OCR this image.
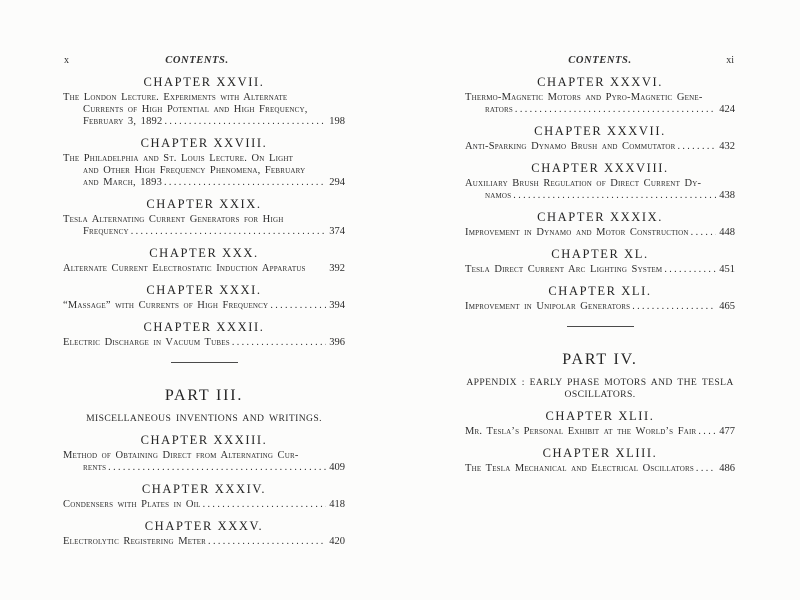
x	CONTENTS.
CHAPTER XXVII.
The London Lecture. Experiments with Alternate
Currents of High Potential and High Frequency,
February 3, 1892 .....	198
CHAPTER XXVIII.
The Philadelphia and St. Louis Lecture. On Light
and Other High Frequency Phenomena, February
and March, 1893 .....	294
CHAPTER XXIX.
Tesla Alternating Current Generators for High
Frequency .....	374
CHAPTER XXX.
Alternate Current Electrostatic Induction Apparatus 392
CHAPTER XXXI.
“Massage” with Currents of High Frequency .....	394
CHAPTER XXXII.
Electric Discharge in Vacuum Tubes .....	396
PART III.
MISCELLANEOUS INVENTIONS AND WRITINGS.
CHAPTER XXXIII.
Method of Obtaining Direct from Alternating Cur-
rents .....	409
CHAPTER XXXIV.
Condensers with Plates in Oil .....	418
CHAPTER XXXV.
Electrolytic Registering Meter .....	420
CONTENTS.	xi
CHAPTER XXXVI.
Thermo-Magnetic Motors and Pyro-Magnetic Gene-
rators .....	424
CHAPTER XXXVII.
Anti-Sparking Dynamo Brush and Commutator .....	432
CHAPTER XXXVIII.
Auxiliary Brush Regulation of Direct Current Dy-
namos .....	438
CHAPTER XXXIX.
Improvement in Dynamo and Motor Construction .....	448
CHAPTER XL.
Tesla Direct Current Arc Lighting System .....	451
CHAPTER XLI.
Improvement in Unipolar Generators .....	465
PART IV.
APPENDIX : EARLY PHASE MOTORS AND THE TESLA
OSCILLATORS.
CHAPTER XLII.
Mr. Tesla’s Personal Exhibit at the World’s Fair ..... 477
CHAPTER XLIII.
The Tesla Mechanical and Electrical Oscillators ..... 486
